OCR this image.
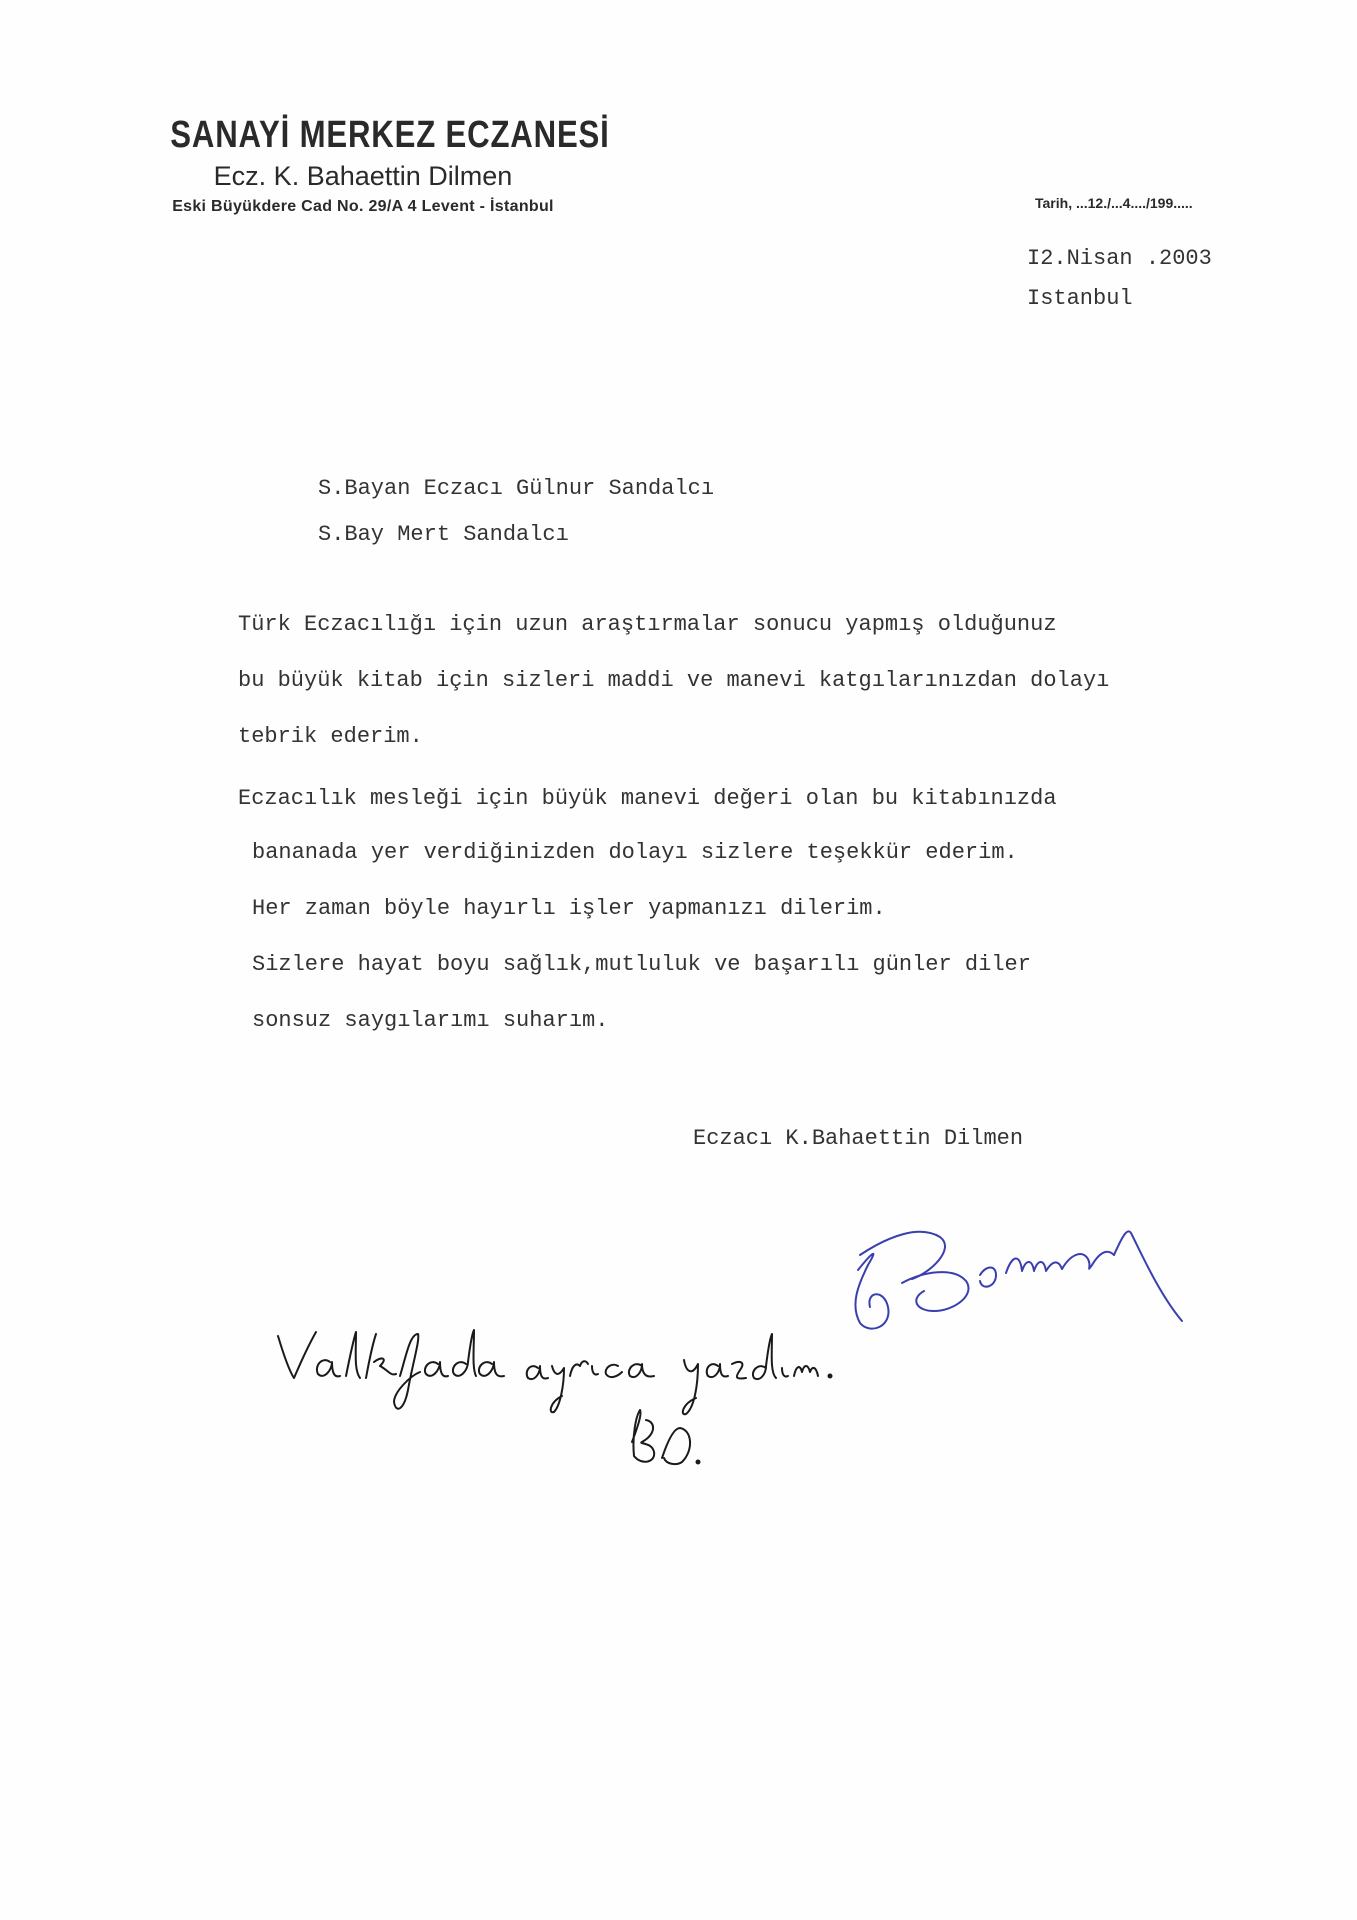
SANAYİ MERKEZ ECZANESİ
Ecz. K. Bahaettin Dilmen
Eski Büyükdere Cad No. 29/A 4 Levent - İstanbul	Tarih, ...12./...4..../199.....
I2.Nisan .2003
Istanbul
S.Bayan Eczacı Gülnur Sandalcı
S.Bay Mert Sandalcı
Türk Eczacılığı için uzun araştırmalar sonucu yapmış olduğunuz
bu büyük kitab için sizleri maddi ve manevi katgılarınızdan dolayı
tebrik ederim.
Eczacılık mesleği için büyük manevi değeri olan bu kitabınızda
bananada yer verdiğinizden dolayı sizlere teşekkür ederim.
Her zaman böyle hayırlı işler yapmanızı dilerim.
Sizlere hayat boyu sağlık,mutluluk ve başarılı günler diler
sonsuz saygılarımı suharım.
Eczacı K.Bahaettin Dilmen
